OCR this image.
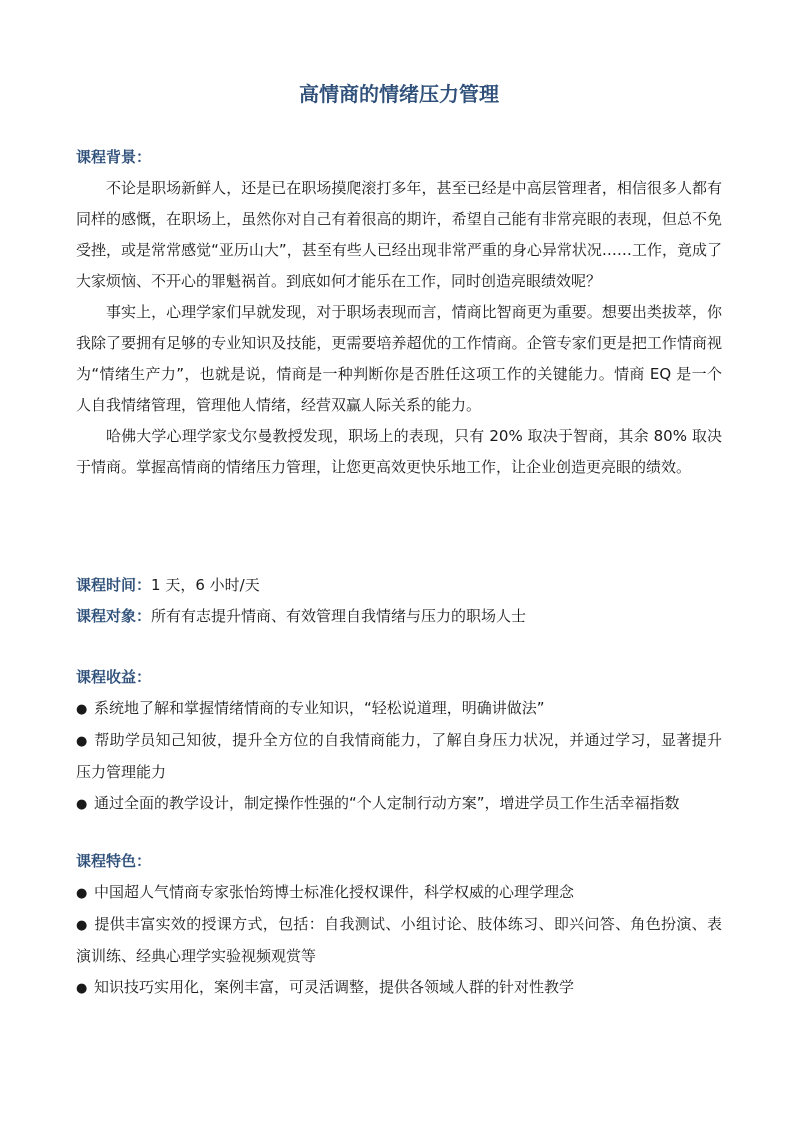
高情商的情绪压力管理
课程背景：

不论是职场新鲜人，还是已在职场摸爬滚打多年，甚至已经是中高层管理者，相信很多人都有同样的感慨，在职场上，虽然你对自己有着很高的期许，希望自己能有非常亮眼的表现，但总不免受挫，或是常常感觉“亚历山大”，甚至有些人已经出现非常严重的身心异常状况……工作，竟成了大家烦恼、不开心的罪魁祸首。到底如何才能乐在工作，同时创造亮眼绩效呢？

事实上，心理学家们早就发现，对于职场表现而言，情商比智商更为重要。想要出类拔萃，你我除了要拥有足够的专业知识及技能，更需要培养超优的工作情商。企管专家们更是把工作情商视为“情绪生产力”，也就是说，情商是一种判断你是否胜任这项工作的关键能力。情商 EQ 是一个人自我情绪管理，管理他人情绪，经营双赢人际关系的能力。

哈佛大学心理学家戈尔曼教授发现，职场上的表现，只有 20% 取决于智商，其余 80% 取决于情商。掌握高情商的情绪压力管理，让您更高效更快乐地工作，让企业创造更亮眼的绩效。

课程时间：1 天，6 小时/天
课程对象：所有有志提升情商、有效管理自我情绪与压力的职场人士
课程收益：
● 系统地了解和掌握情绪情商的专业知识，“轻松说道理，明确讲做法”
● 帮助学员知己知彼，提升全方位的自我情商能力，了解自身压力状况，并通过学习，显著提升压力管理能力
● 通过全面的教学设计，制定操作性强的“个人定制行动方案”，增进学员工作生活幸福指数
课程特色：
● 中国超人气情商专家张怡筠博士标准化授权课件，科学权威的心理学理念
● 提供丰富实效的授课方式，包括：自我测试、小组讨论、肢体练习、即兴问答、角色扮演、表演训练、经典心理学实验视频观赏等
● 知识技巧实用化，案例丰富，可灵活调整，提供各领域人群的针对性教学
